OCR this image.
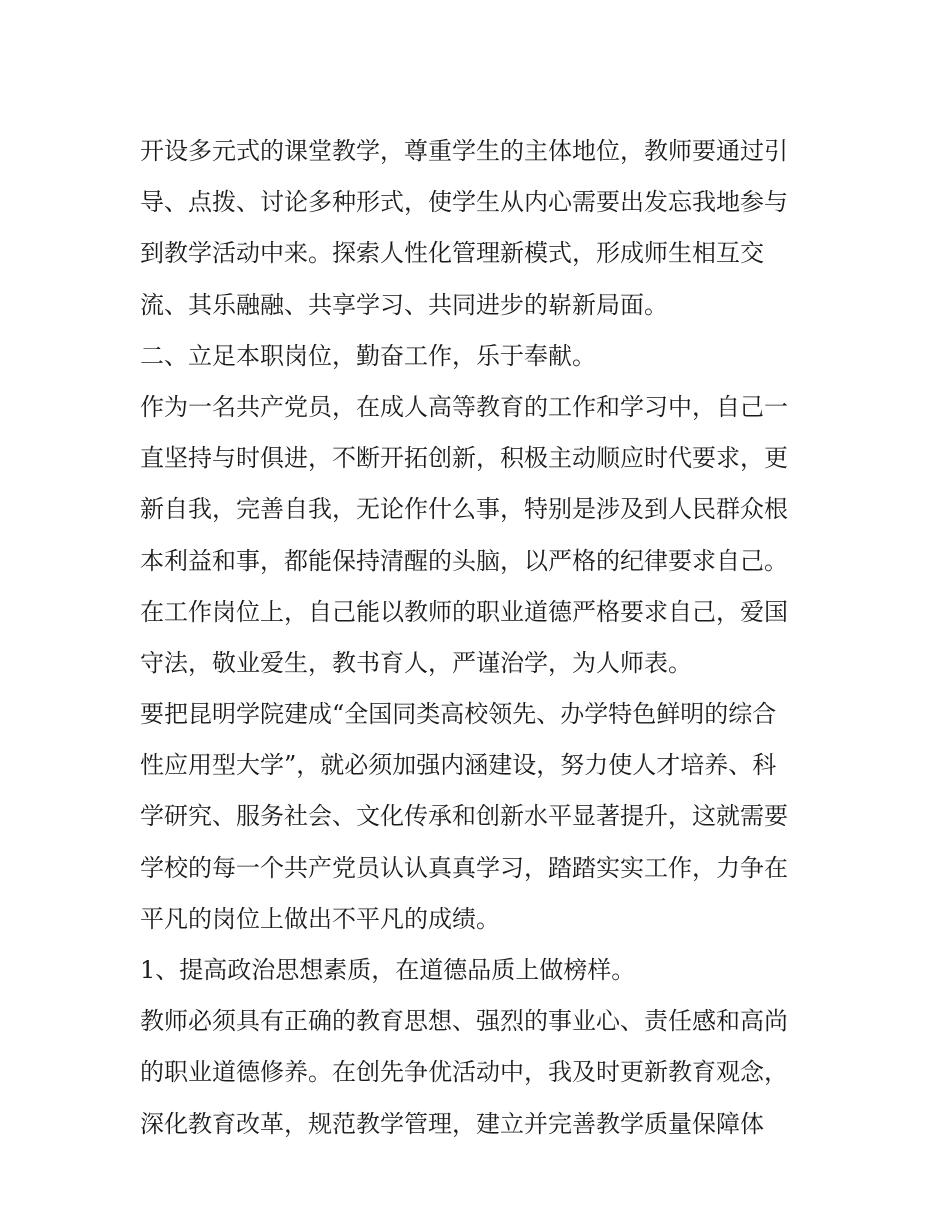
开设多元式的课堂教学，尊重学生的主体地位，教师要通过引
导、点拨、讨论多种形式，使学生从内心需要出发忘我地参与
到教学活动中来。探索人性化管理新模式，形成师生相互交
流、其乐融融、共享学习、共同进步的崭新局面。
二、立足本职岗位，勤奋工作，乐于奉献。
作为一名共产党员，在成人高等教育的工作和学习中，自己一
直坚持与时俱进，不断开拓创新，积极主动顺应时代要求，更
新自我，完善自我，无论作什么事，特别是涉及到人民群众根
本利益和事，都能保持清醒的头脑，以严格的纪律要求自己。
在工作岗位上，自己能以教师的职业道德严格要求自己，爱国
守法，敬业爱生，教书育人，严谨治学，为人师表。
要把昆明学院建成“全国同类高校领先、办学特色鲜明的综合
性应用型大学”，就必须加强内涵建设，努力使人才培养、科
学研究、服务社会、文化传承和创新水平显著提升，这就需要
学校的每一个共产党员认认真真学习，踏踏实实工作，力争在
平凡的岗位上做出不平凡的成绩。
1、提高政治思想素质，在道德品质上做榜样。
教师必须具有正确的教育思想、强烈的事业心、责任感和高尚
的职业道德修养。在创先争优活动中，我及时更新教育观念，
深化教育改革，规范教学管理，建立并完善教学质量保障体
